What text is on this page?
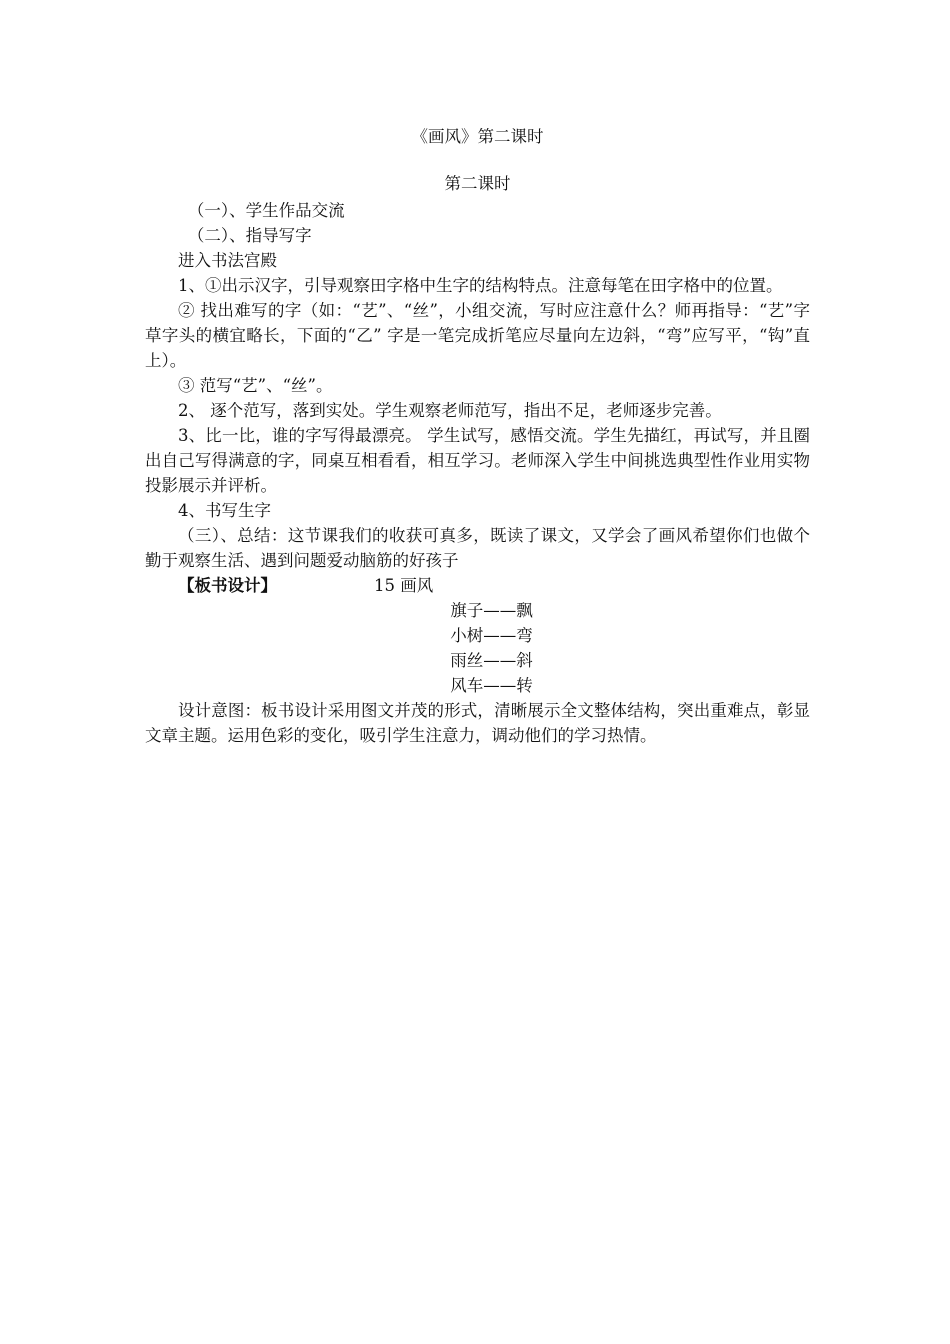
《画风》第二课时
第二课时

（一）、学生作品交流

（二）、指导写字

进入书法宫殿

1、①出示汉字，引导观察田字格中生字的结构特点。注意每笔在田字格中的位置。

② 找出难写的字（如：“艺”、“丝”，小组交流，写时应注意什么？师再指导：“艺”字草字头的横宜略长，下面的“乙” 字是一笔完成折笔应尽量向左边斜，“弯”应写平，“钩”直上）。

③ 范写“艺”、“丝”。

2、 逐个范写，落到实处。学生观察老师范写，指出不足，老师逐步完善。

3、比一比，谁的字写得最漂亮。 学生试写，感悟交流。学生先描红，再试写，并且圈出自己写得满意的字，同桌互相看看，相互学习。老师深入学生中间挑选典型性作业用实物投影展示并评析。

4、书写生字

（三）、总结：这节课我们的收获可真多，既读了课文，又学会了画风希望你们也做个勤于观察生活、遇到问题爱动脑筋的好孩子

【板书设计】	15 画风
旗子——飘
小树——弯
雨丝——斜
风车——转

设计意图：板书设计采用图文并茂的形式，清晰展示全文整体结构，突出重难点，彰显文章主题。运用色彩的变化，吸引学生注意力，调动他们的学习热情。
